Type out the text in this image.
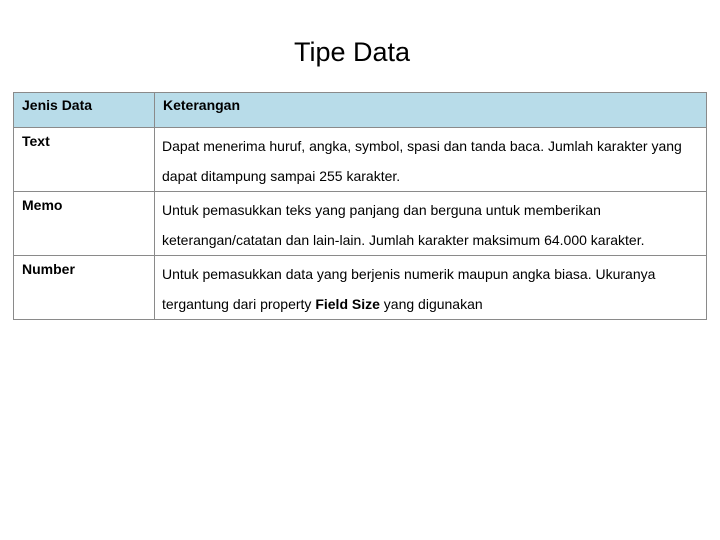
Tipe Data
Jenis Data	Keterangan
Text	Dapat menerima huruf, angka, symbol, spasi dan tanda baca. Jumlah karakter yang dapat ditampung sampai 255 karakter.
Memo	Untuk pemasukkan teks yang panjang dan berguna untuk memberikan keterangan/catatan dan lain-lain. Jumlah karakter maksimum 64.000 karakter.
Number	Untuk pemasukkan data yang berjenis numerik maupun angka biasa. Ukuranya tergantung dari property Field Size yang digunakan
